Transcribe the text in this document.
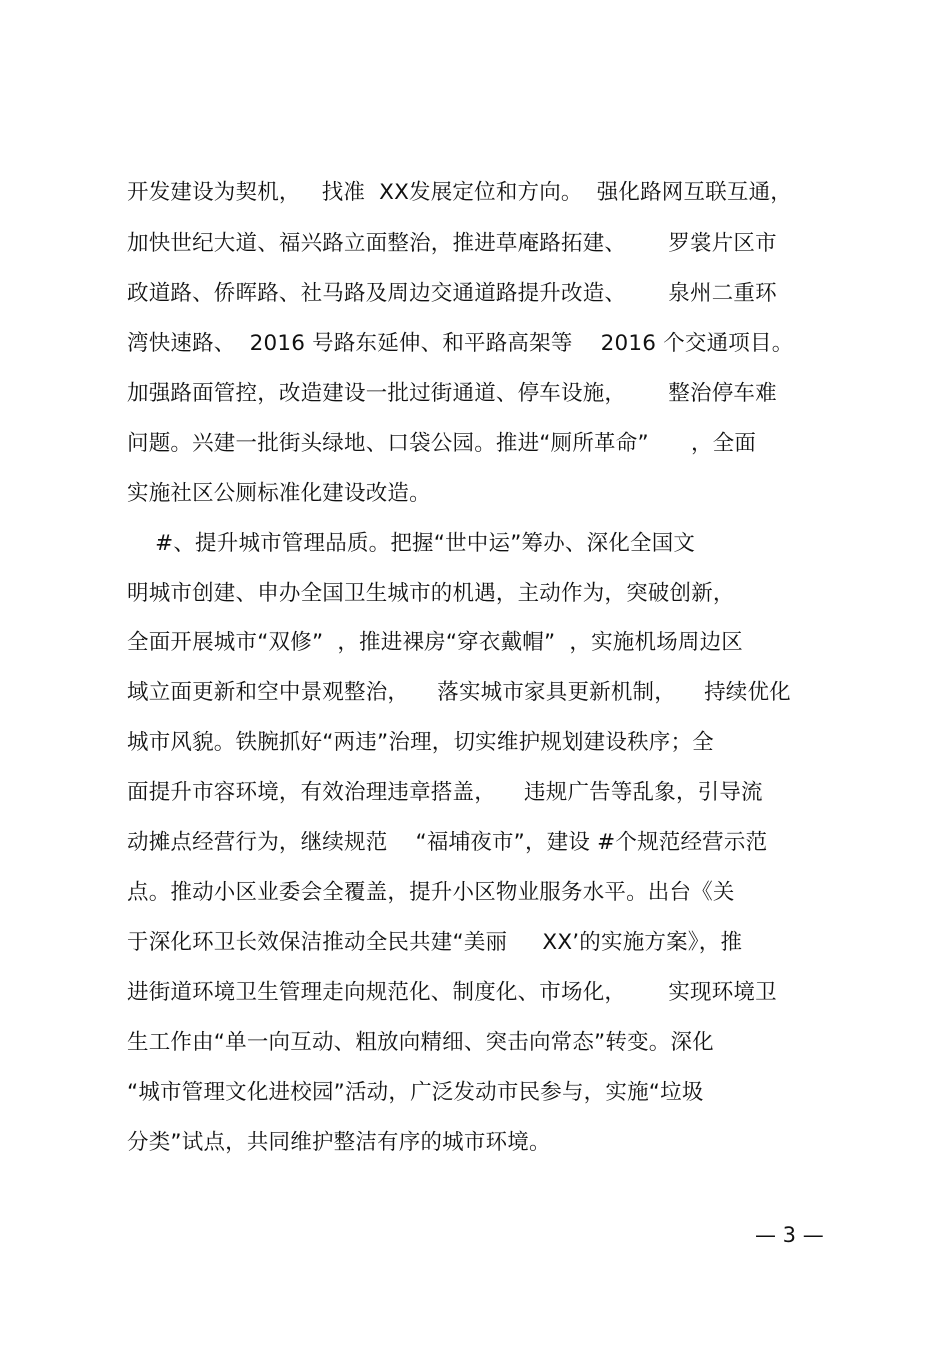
开发建设为契机，   找准  XX发展定位和方向。  强化路网互联互通，
加快世纪大道、福兴路立面整治，推进草庵路拓建、      罗裳片区市
政道路、侨晖路、社马路及周边交通道路提升改造、      泉州二重环
湾快速路、  2016 号路东延伸、和平路高架等    2016 个交通项目。
加强路面管控，改造建设一批过街通道、停车设施，      整治停车难
问题。兴建一批街头绿地、口袋公园。推进“厕所革命”      ，全面
实施社区公厕标准化建设改造。
#、提升城市管理品质。把握“世中运”筹办、深化全国文
明城市创建、申办全国卫生城市的机遇，主动作为，突破创新，
全面开展城市“双修”  ，推进裸房“穿衣戴帽”  ，实施机场周边区
域立面更新和空中景观整治，    落实城市家具更新机制，    持续优化
城市风貌。铁腕抓好“两违”治理，切实维护规划建设秩序；全
面提升市容环境，有效治理违章搭盖，    违规广告等乱象，引导流
动摊点经营行为，继续规范    “福埔夜市”，建设 #个规范经营示范
点。推动小区业委会全覆盖，提升小区物业服务水平。出台《关
于深化环卫长效保洁推动全民共建“美丽     XX’的实施方案》，推
进街道环境卫生管理走向规范化、制度化、市场化，      实现环境卫
生工作由“单一向互动、粗放向精细、突击向常态”转变。深化
“城市管理文化进校园”活动，广泛发动市民参与，实施“垃圾
分类”试点，共同维护整洁有序的城市环境。
— 3 —
